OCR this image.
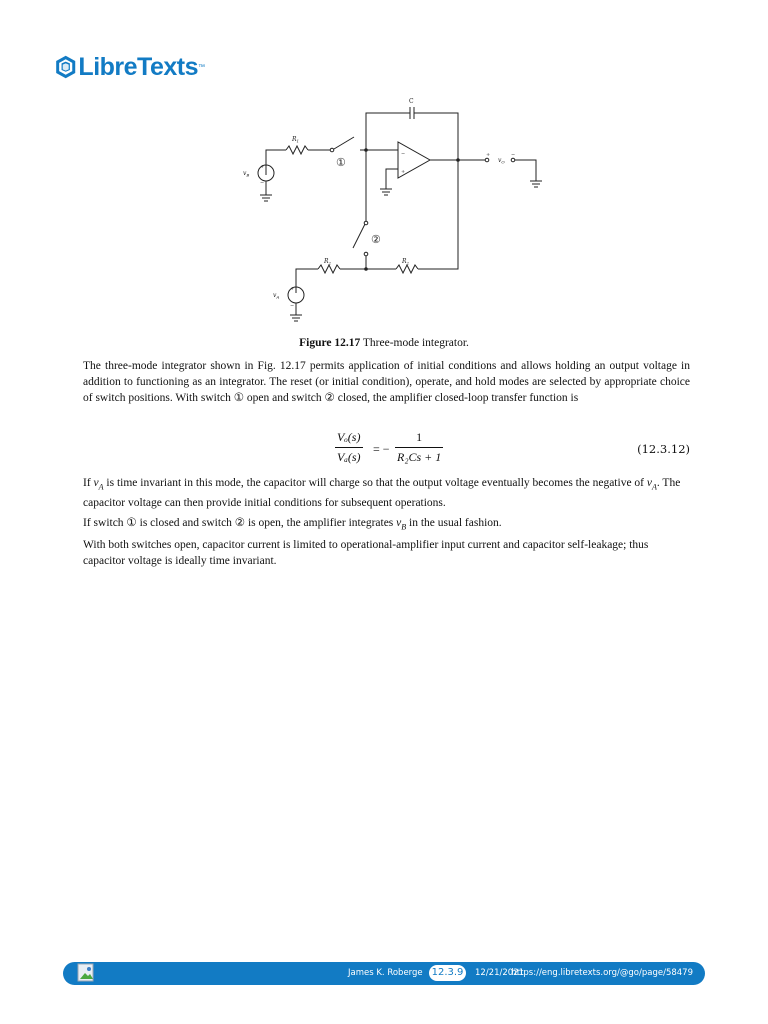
LibreTexts ™
C
$R_1$
$R_2$	$R_2$
$v_B$
$v_A$
$v_O$
+
−
+
−
−
+
+	−
①
②
Figure 12.17 Three-mode integrator.
The three-mode integrator shown in Fig. 12.17 permits application of initial conditions and allows holding an output voltage in addition to functioning as an integrator. The reset (or initial condition), operate, and hold modes are selected by appropriate choice of switch positions. With switch ① open and switch ② closed, the amplifier closed-loop transfer function is
$\frac{\text{Vₒ(s)}}{\text{Vₐ(s)}}$ = − $\frac{1}{\text{R₂Cs + 1}}$	(12.3.12)
If $v_A$ is time invariant in this mode, the capacitor will charge so that the output voltage eventually becomes the negative of $v_A$. The capacitor voltage can then provide initial conditions for subsequent operations.
If switch ① is closed and switch ② is open, the amplifier integrates $v_B$ in the usual fashion.
With both switches open, capacitor current is limited to operational-amplifier input current and capacitor self-leakage; thus capacitor voltage is ideally time invariant.
James K. Roberge 12.3.9	12/21/2021
https://eng.libretexts.org/@go/page/58479
